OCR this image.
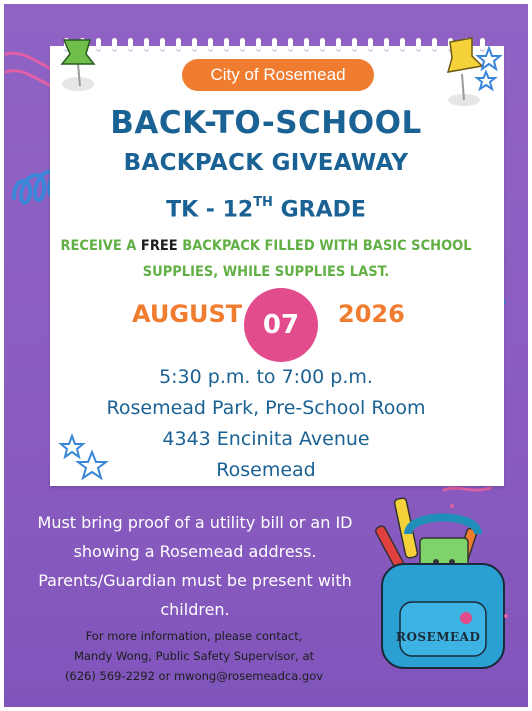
ROSEMEAD
City of Rosemead
BACK-TO-SCHOOL
BACKPACK GIVEAWAY
TK - 12TH GRADE
RECEIVE A FREE BACKPACK FILLED WITH BASIC SCHOOL
SUPPLIES, WHILE SUPPLIES LAST.
AUGUST 07	2026
5:30 p.m. to 7:00 p.m.
Rosemead Park, Pre-School Room
4343 Encinita Avenue
Rosemead
Must bring proof of a utility bill or an ID
showing a Rosemead address.
Parents/Guardian must be present with
children.
For more information, please contact,
Mandy Wong, Public Safety Supervisor, at
(626) 569-2292 or mwong@rosemeadca.gov
